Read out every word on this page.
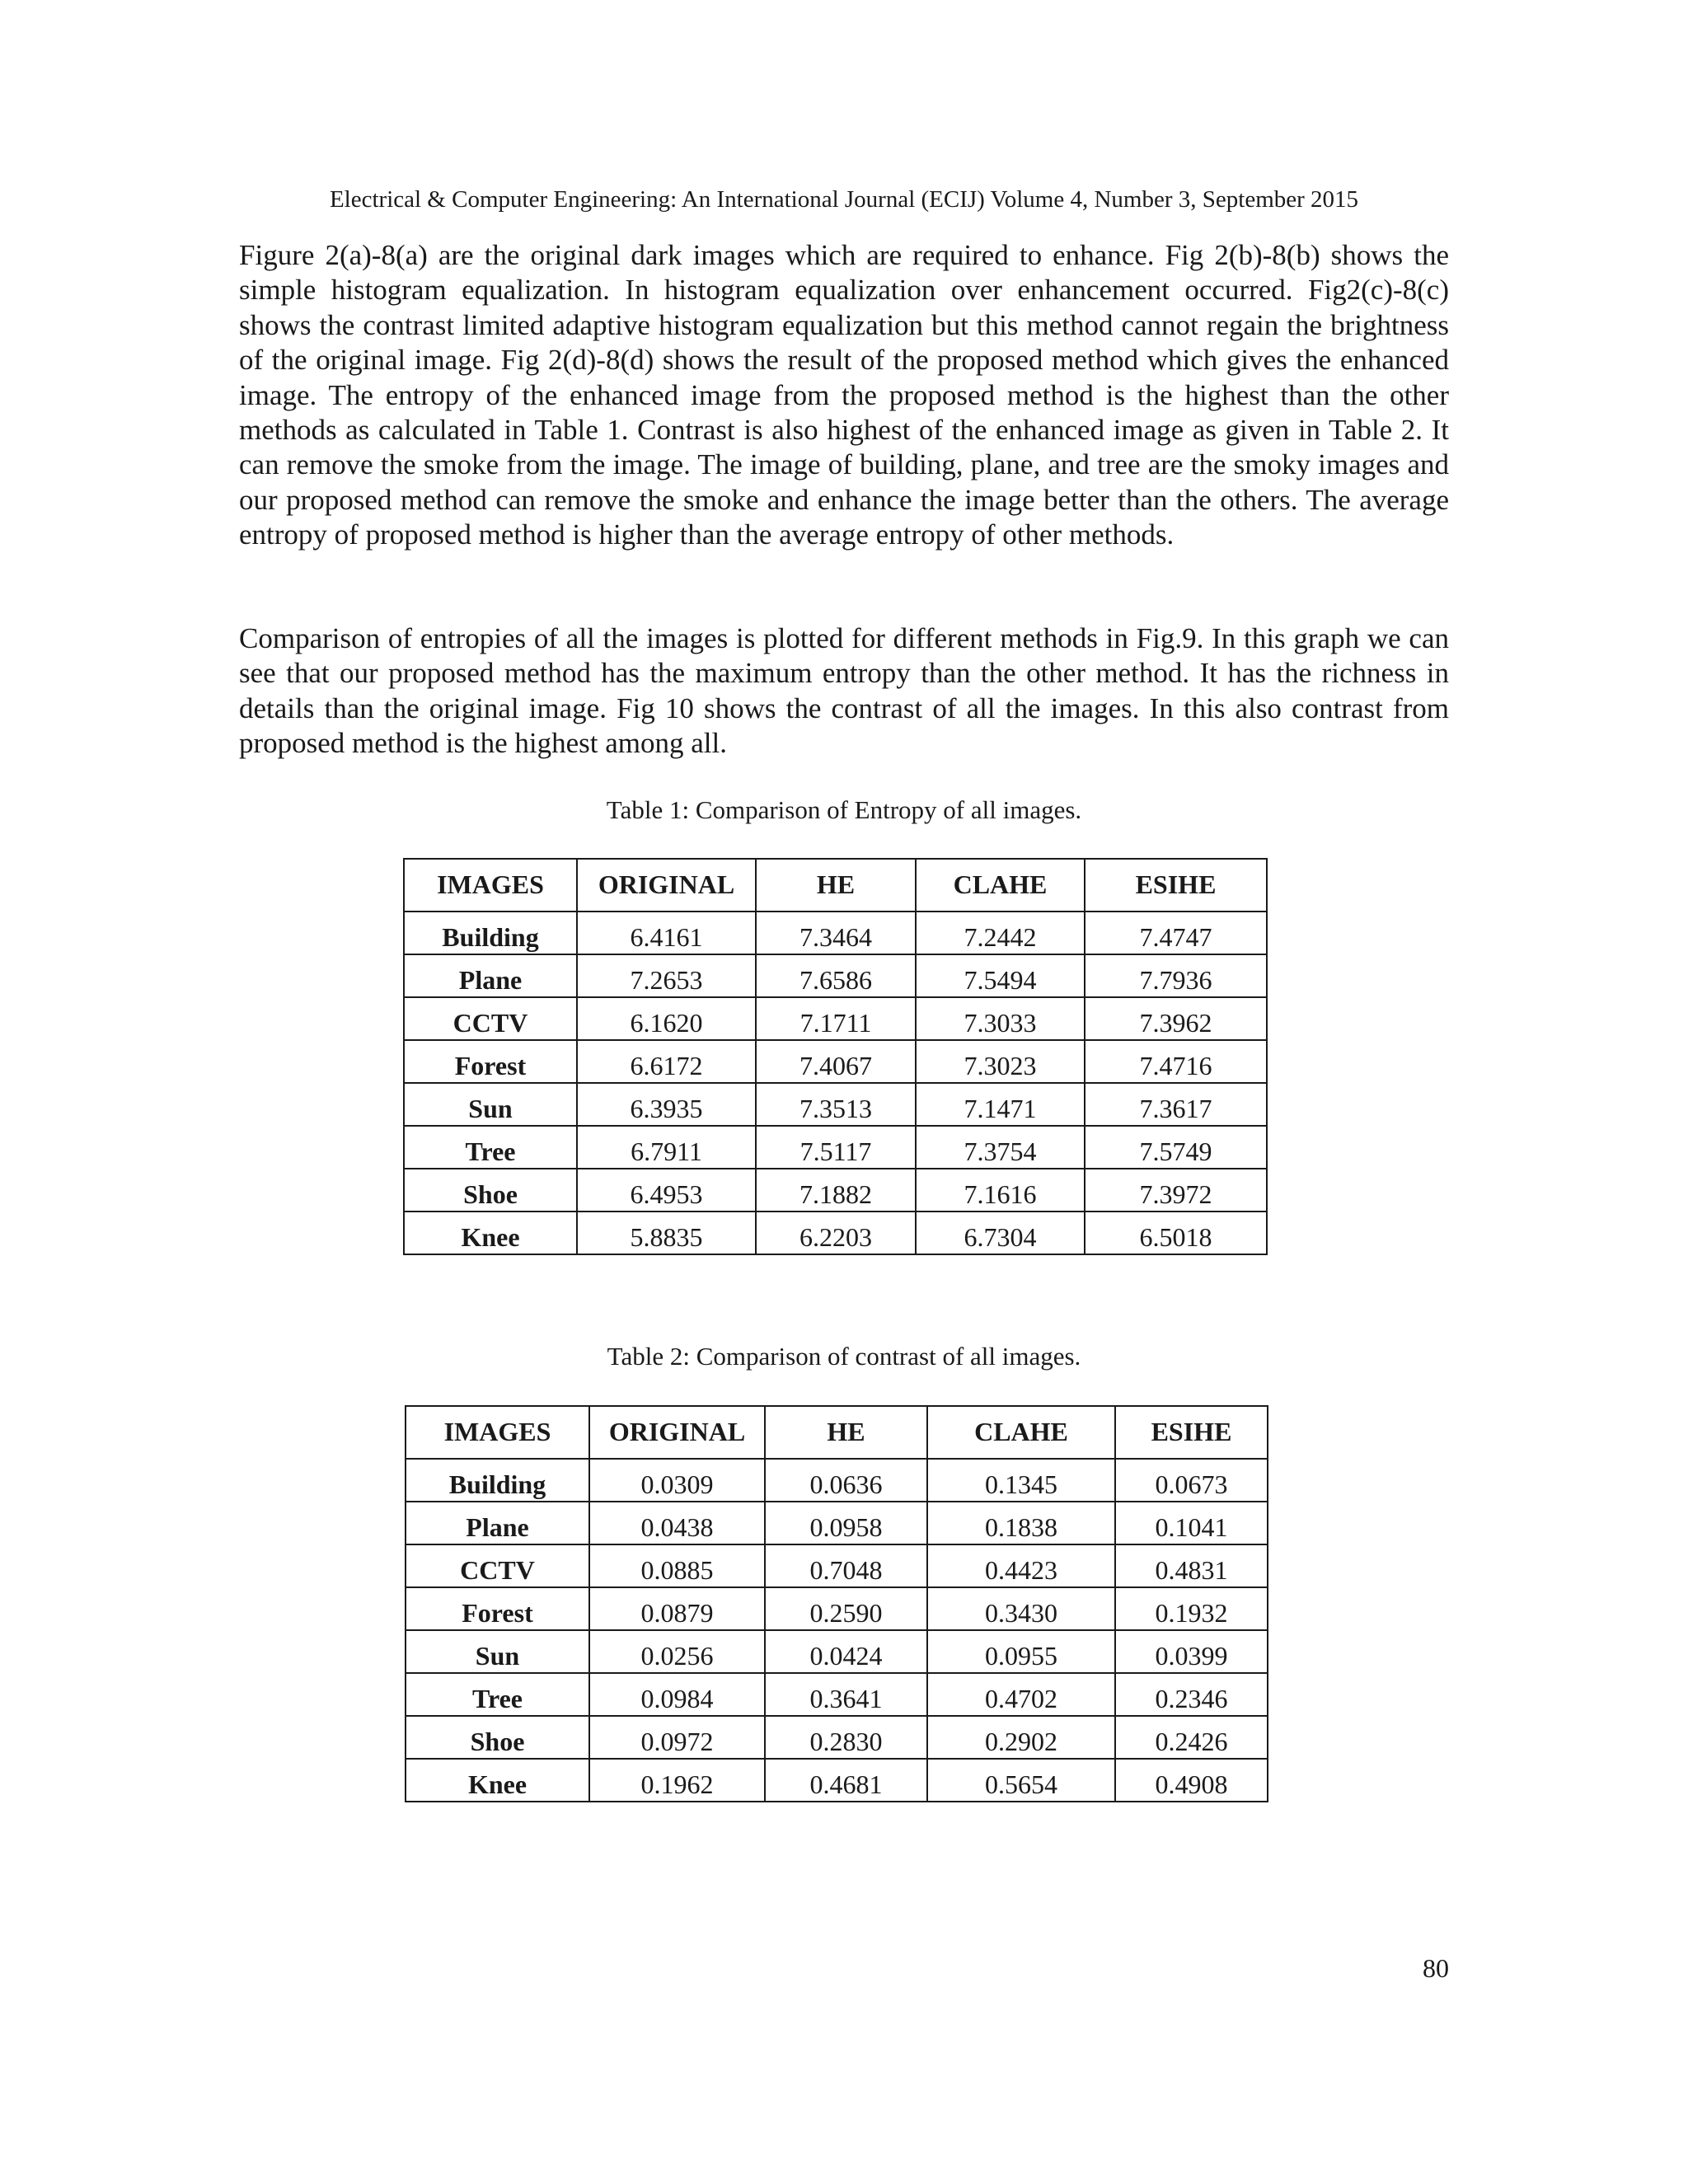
Electrical & Computer Engineering: An International Journal (ECIJ) Volume 4, Number 3, September 2015

Figure 2(a)-8(a) are the original dark images which are required to enhance. Fig 2(b)-8(b) shows the simple histogram equalization. In histogram equalization over enhancement occurred. Fig2(c)-8(c) shows the contrast limited adaptive histogram equalization but this method cannot regain the brightness of the original image. Fig 2(d)-8(d) shows the result of the proposed method which gives the enhanced image. The entropy of the enhanced image from the proposed method is the highest than the other methods as calculated in Table 1. Contrast is also highest of the enhanced image as given in Table 2. It can remove the smoke from the image. The image of building, plane, and tree are the smoky images and our proposed method can remove the smoke and enhance the image better than the others. The average entropy of proposed method is higher than the average entropy of other methods.

Comparison of entropies of all the images is plotted for different methods in Fig.9. In this graph we can see that our proposed method has the maximum entropy than the other method. It has the richness in details than the original image. Fig 10 shows the contrast of all the images. In this also contrast from proposed method is the highest among all.

Table 1: Comparison of Entropy of all images.
IMAGES	ORIGINAL	HE	CLAHE	ESIHE
Building	6.4161	7.3464	7.2442	7.4747
Plane	7.2653	7.6586	7.5494	7.7936
CCTV	6.1620	7.1711	7.3033	7.3962
Forest	6.6172	7.4067	7.3023	7.4716
Sun	6.3935	7.3513	7.1471	7.3617
Tree	6.7911	7.5117	7.3754	7.5749
Shoe	6.4953	7.1882	7.1616	7.3972
Knee	5.8835	6.2203	6.7304	6.5018
Table 2: Comparison of contrast of all images.
IMAGES	ORIGINAL	HE	CLAHE	ESIHE
Building	0.0309	0.0636	0.1345	0.0673
Plane	0.0438	0.0958	0.1838	0.1041
CCTV	0.0885	0.7048	0.4423	0.4831
Forest	0.0879	0.2590	0.3430	0.1932
Sun	0.0256	0.0424	0.0955	0.0399
Tree	0.0984	0.3641	0.4702	0.2346
Shoe	0.0972	0.2830	0.2902	0.2426
Knee	0.1962	0.4681	0.5654	0.4908
80
